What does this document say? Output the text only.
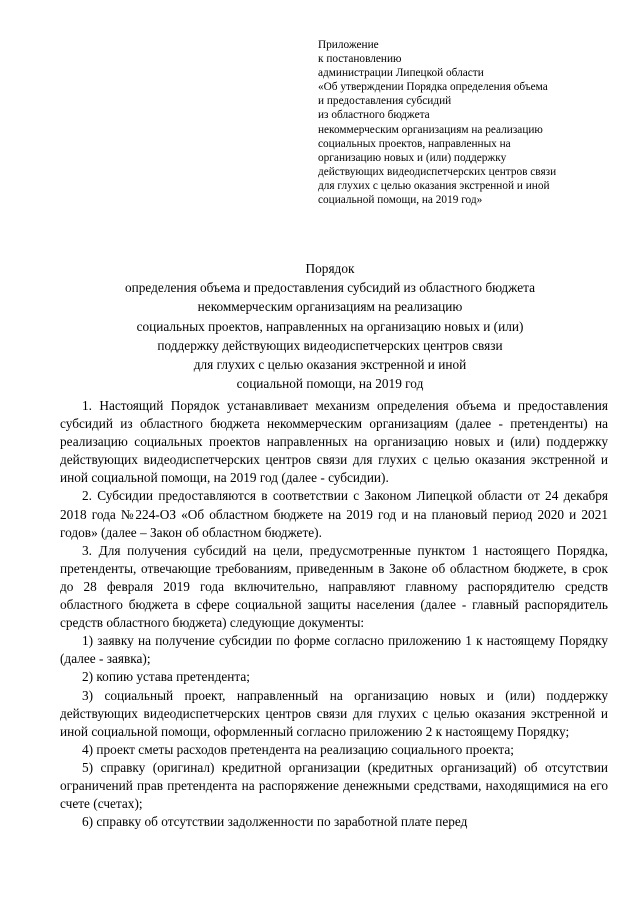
Приложение
к постановлению
администрации Липецкой области
«Об утверждении Порядка определения объема
и предоставления субсидий
из областного бюджета
некоммерческим организациям на реализацию
социальных проектов, направленных на
организацию новых и (или) поддержку
действующих видеодиспетчерских центров связи
для глухих с целью оказания экстренной и иной
социальной помощи, на 2019 год»
Порядок
определения объема и предоставления субсидий из областного бюджета
некоммерческим организациям на реализацию
социальных проектов, направленных на организацию новых и (или)
поддержку действующих видеодиспетчерских центров связи
для глухих с целью оказания экстренной и иной
социальной помощи, на 2019 год

1. Настоящий Порядок устанавливает механизм определения объема и предоставления субсидий из областного бюджета некоммерческим организациям (далее - претенденты) на реализацию социальных проектов направленных на организацию новых и (или) поддержку действующих видеодиспетчерских центров связи для глухих с целью оказания экстренной и иной социальной помощи, на 2019 год (далее - субсидии).

2. Субсидии предоставляются в соответствии с Законом Липецкой области от 24 декабря 2018 года №224-ОЗ «Об областном бюджете на 2019 год и на плановый период 2020 и 2021 годов» (далее – Закон об областном бюджете).

3. Для получения субсидий на цели, предусмотренные пунктом 1 настоящего Порядка, претенденты, отвечающие требованиям, приведенным в Законе об областном бюджете, в срок до 28 февраля 2019 года включительно, направляют главному распорядителю средств областного бюджета в сфере социальной защиты населения (далее - главный распорядитель средств областного бюджета) следующие документы:

1) заявку на получение субсидии по форме согласно приложению 1 к настоящему Порядку (далее - заявка);

2) копию устава претендента;

3) социальный проект, направленный на организацию новых и (или) поддержку действующих видеодиспетчерских центров связи для глухих с целью оказания экстренной и иной социальной помощи, оформленный согласно приложению 2 к настоящему Порядку;

4) проект сметы расходов претендента на реализацию социального проекта;

5) справку (оригинал) кредитной организации (кредитных организаций) об отсутствии ограничений прав претендента на распоряжение денежными средствами, находящимися на его счете (счетах);

6) справку об отсутствии задолженности по заработной плате перед
